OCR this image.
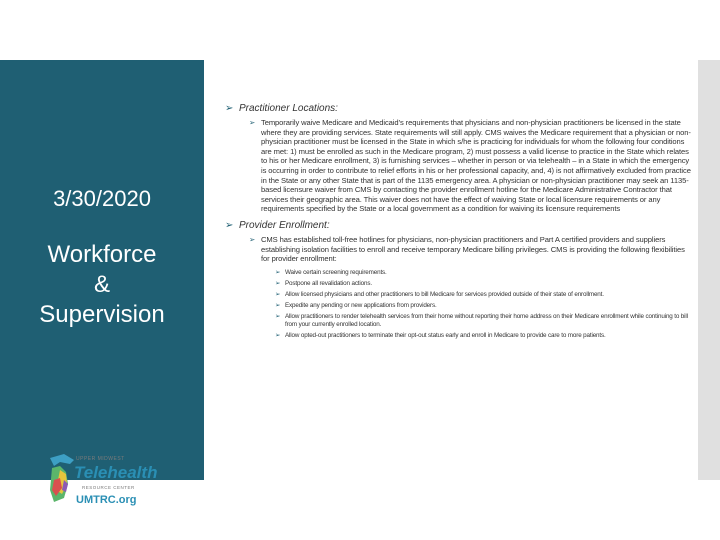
3/30/2020
Workforce
&
Supervision
UPPER MIDWEST
Telehealth
RESOURCE CENTER
UMTRC.org
➢ Practitioner Locations:
➢ Temporarily waive Medicare and Medicaid’s requirements that physicians and non-physician practitioners be licensed in the state where they are providing services. State requirements will still apply. CMS waives the Medicare requirement that a physician or non-physician practitioner must be licensed in the State in which s/he is practicing for individuals for whom the following four conditions are met: 1) must be enrolled as such in the Medicare program, 2) must possess a valid license to practice in the State which relates to his or her Medicare enrollment, 3) is furnishing services – whether in person or via telehealth – in a State in which the emergency is occurring in order to contribute to relief efforts in his or her professional capacity, and, 4) is not affirmatively excluded from practice in the State or any other State that is part of the 1135 emergency area. A physician or non-physician practitioner may seek an 1135-based licensure waiver from CMS by contacting the provider enrollment hotline for the Medicare Administrative Contractor that services their geographic area. This waiver does not have the effect of waiving State or local licensure requirements or any requirements specified by the State or a local government as a condition for waiving its licensure requirements
➢ Provider Enrollment:
➢ CMS has established toll-free hotlines for physicians, non-physician practitioners and Part A certified providers and suppliers establishing isolation facilities to enroll and receive temporary Medicare billing privileges. CMS is providing the following flexibilities for provider enrollment:
➢ Waive certain screening requirements.
➢ Postpone all revalidation actions.
➢ Allow licensed physicians and other practitioners to bill Medicare for services provided outside of their state of enrollment.
➢ Expedite any pending or new applications from providers.
➢ Allow practitioners to render telehealth services from their home without reporting their home address on their Medicare enrollment while continuing to bill from your currently enrolled location.
➢ Allow opted-out practitioners to terminate their opt-out status early and enroll in Medicare to provide care to more patients.
